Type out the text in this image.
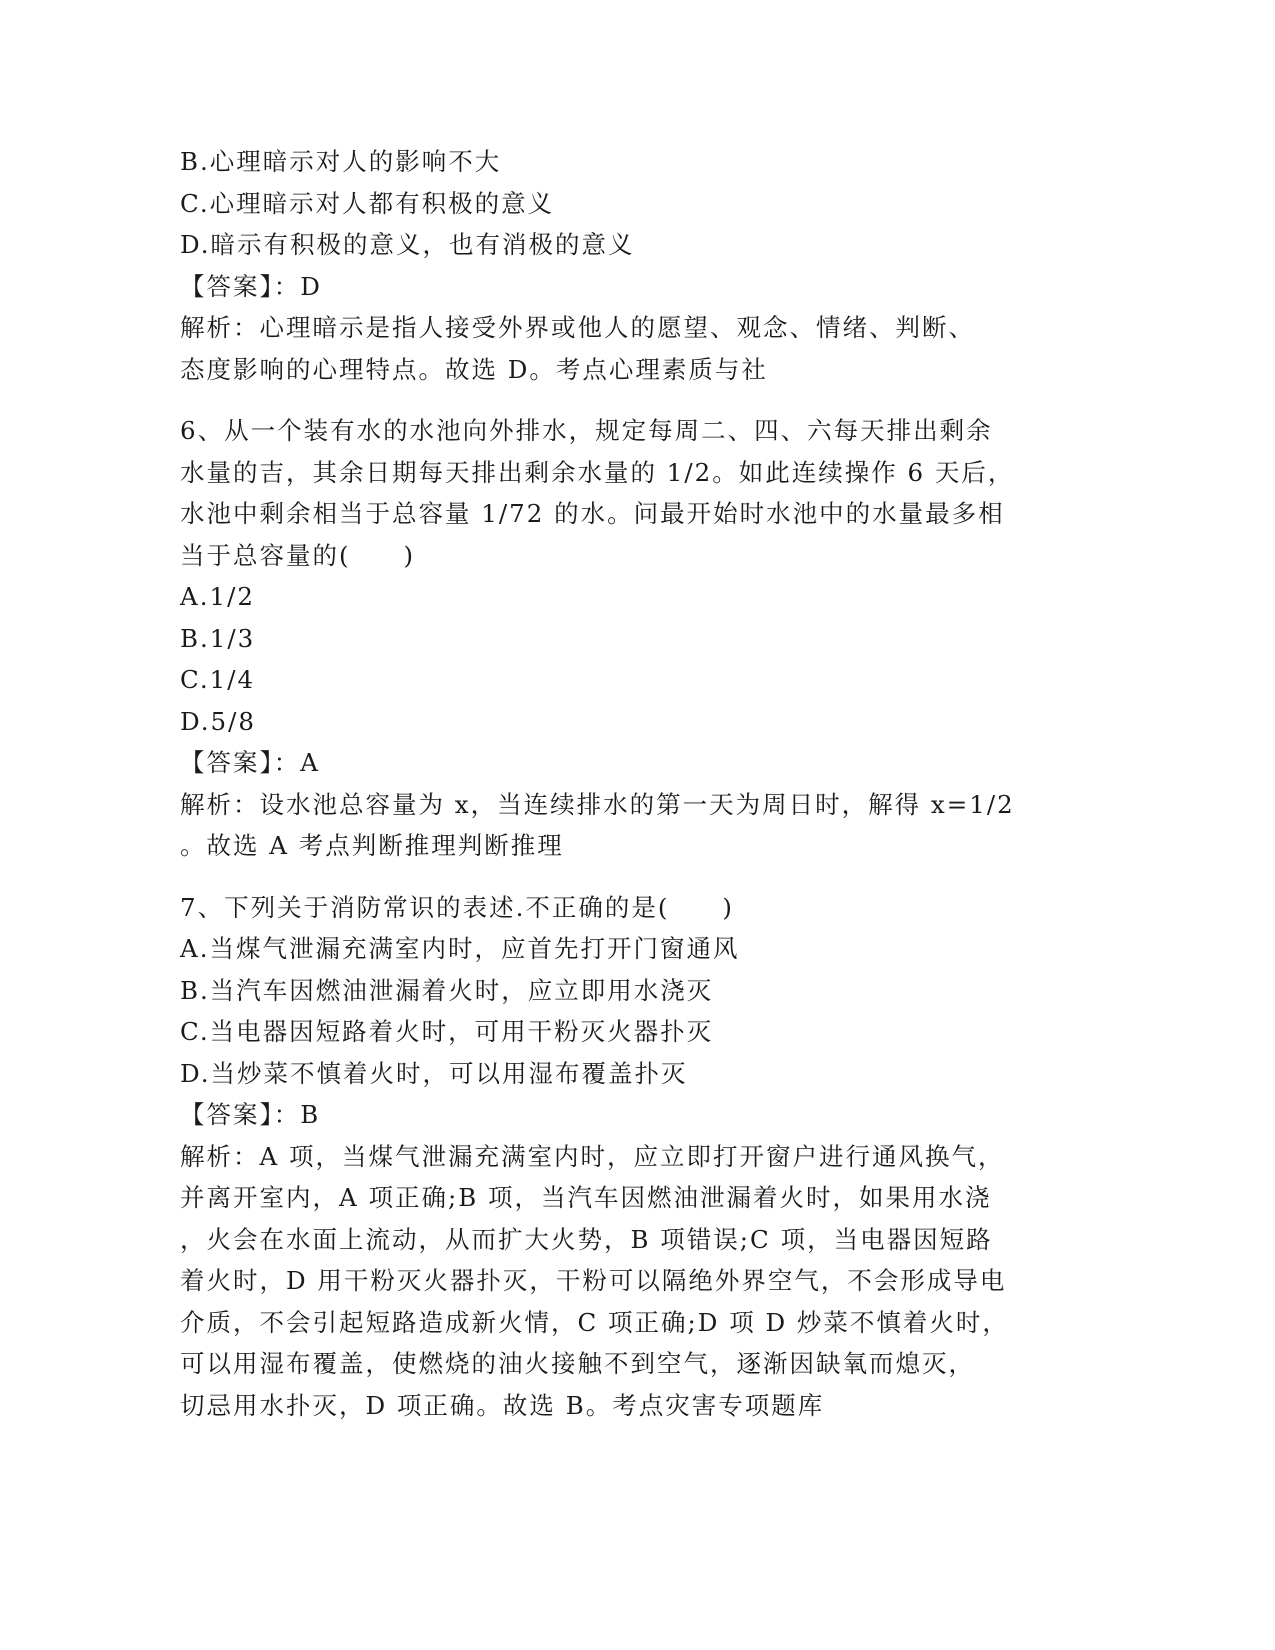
B.心理暗示对人的影响不大
C.心理暗示对人都有积极的意义
D.暗示有积极的意义，也有消极的意义
【答案】：D
解析：心理暗示是指人接受外界或他人的愿望、观念、情绪、判断、
态度影响的心理特点。故选 D。考点心理素质与社
6、从一个装有水的水池向外排水，规定每周二、四、六每天排出剩余
水量的吉，其余日期每天排出剩余水量的 1/2。如此连续操作 6 天后，
水池中剩余相当于总容量 1/72 的水。问最开始时水池中的水量最多相
当于总容量的(　　)
A.1/2
B.1/3
C.1/4
D.5/8
【答案】：A
解析：设水池总容量为 x，当连续排水的第一天为周日时，解得 x=1/2
。故选 A 考点判断推理判断推理
7、下列关于消防常识的表述.不正确的是(　　)
A.当煤气泄漏充满室内时，应首先打开门窗通风
B.当汽车因燃油泄漏着火时，应立即用水浇灭
C.当电器因短路着火时，可用干粉灭火器扑灭
D.当炒菜不慎着火时，可以用湿布覆盖扑灭
【答案】：B
解析：A 项，当煤气泄漏充满室内时，应立即打开窗户进行通风换气，
并离开室内，A 项正确;B 项，当汽车因燃油泄漏着火时，如果用水浇
，火会在水面上流动，从而扩大火势，B 项错误;C 项，当电器因短路
着火时，D 用干粉灭火器扑灭，干粉可以隔绝外界空气，不会形成导电
介质，不会引起短路造成新火情，C 项正确;D 项 D 炒菜不慎着火时，
可以用湿布覆盖，使燃烧的油火接触不到空气，逐渐因缺氧而熄灭，
切忌用水扑灭，D 项正确。故选 B。考点灾害专项题库
